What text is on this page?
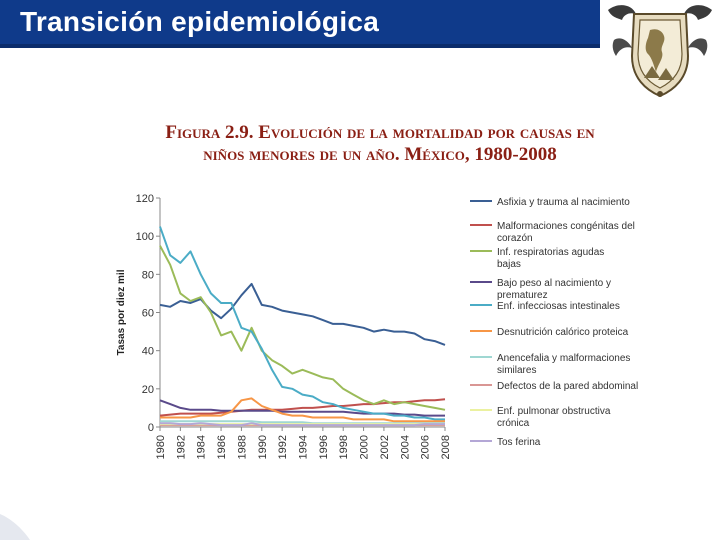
Transición epidemiológica
Figura 2.9. Evolución de la mortalidad por causas en
niños menores de un año. México, 1980-2008
0
20
40
60
80
100
120
Tasas por diez mil
1980 1982 1984 1986 1988 1990 1992 1994 1996 1998 2000 2002 2004 2006 2008
Asfixia y trauma al nacimiento
Malformaciones congénitas del
corazón
Inf. respiratorias agudas
bajas
Bajo peso al nacimiento y
prematurez
Enf. infecciosas intestinales
Desnutrición calórico proteica
Anencefalia y malformaciones
similares
Defectos de la pared abdominal
Enf. pulmonar obstructiva
crónica
Tos ferina
